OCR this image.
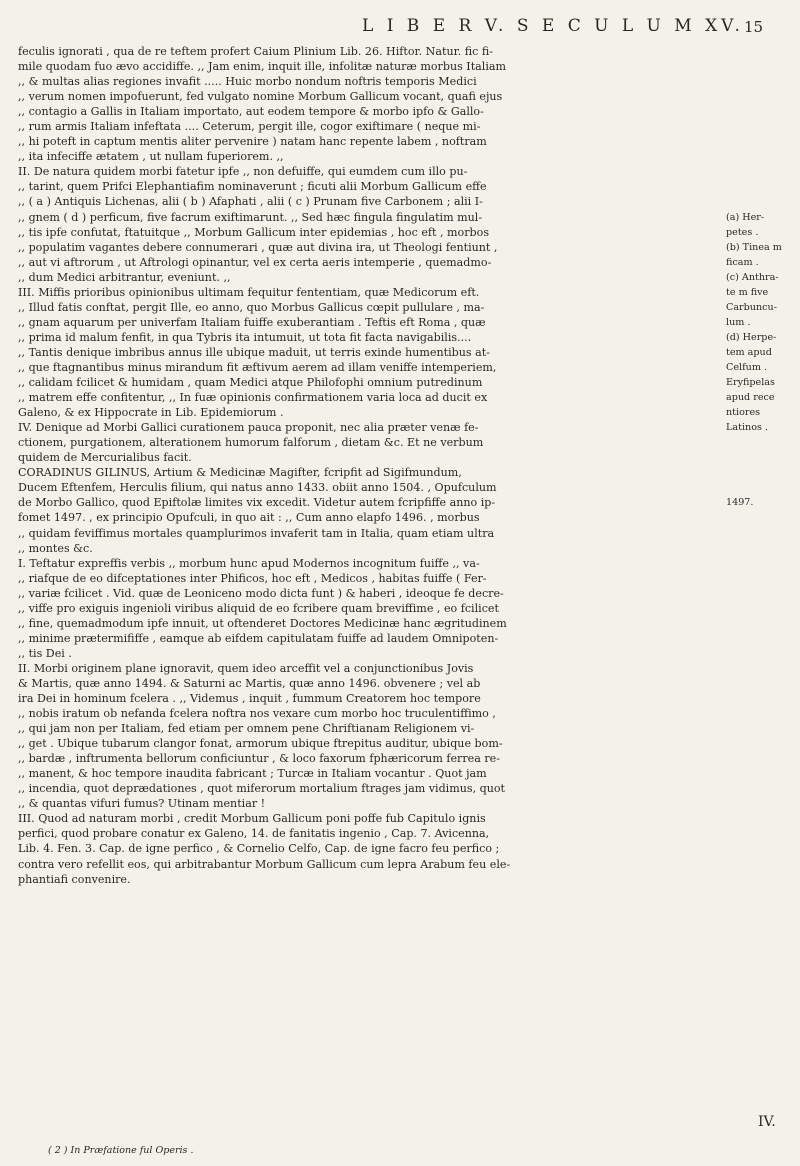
L I B E R V. S E C U L U M XV. 15
feculis ignorati , qua de re teftem profert Caium Plinium Lib. 26. Hiftor. Natur. fic fi-
mile quodam fuo ævo accidiffe. ,, Jam enim, inquit ille, infolitæ naturæ morbus Italiam
,, & multas alias regiones invafit ..... Huic morbo nondum noftris temporis Medici
,, verum nomen impofuerunt, fed vulgato nomine Morbum Gallicum vocant, quafi ejus
,, contagio a Gallis in Italiam importato, aut eodem tempore & morbo ipfo & Gallo-
,, rum armis Italiam infeftata .... Ceterum, pergit ille, cogor exiftimare ( neque mi-
,, hi poteft in captum mentis aliter pervenire ) natam hanc repente labem , noftram
,, ita infeciffe ætatem , ut nullam fuperiorem. ,,
II. De natura quidem morbi fatetur ipfe ,, non defuiffe, qui eumdem cum illo pu-
,, tarint, quem Prifci Elephantiafim nominaverunt ; ficuti alii Morbum Gallicum effe
,, ( a ) Antiquis Lichenas, alii ( b ) Afaphati , alii ( c ) Prunam five Carbonem ; alii I-
,, gnem ( d ) perficum, five facrum exiftimarunt. ,, Sed hæc fingula fingulatim mul-
,, tis ipfe confutat, ftatuitque ,, Morbum Gallicum inter epidemias , hoc eft , morbos
,, populatim vagantes debere connumerari , quæ aut divina ira, ut Theologi fentiunt ,
,, aut vi aftrorum , ut Aftrologi opinantur, vel ex certa aeris intemperie , quemadmo-
,, dum Medici arbitrantur, eveniunt. ,,
III. Miffis prioribus opinionibus ultimam fequitur fententiam, quæ Medicorum eft.
,, Illud fatis conftat, pergit Ille, eo anno, quo Morbus Gallicus cœpit pullulare , ma-
,, gnam aquarum per univerfam Italiam fuiffe exuberantiam . Teftis eft Roma , quæ
,, prima id malum fenfit, in qua Tybris ita intumuit, ut tota fit facta navigabilis....
,, Tantis denique imbribus annus ille ubique maduit, ut terris exinde humentibus at-
,, que ftagnantibus minus mirandum fit æftivum aerem ad illam veniffe intemperiem,
,, calidam fcilicet & humidam , quam Medici atque Philofophi omnium putredinum
,, matrem effe confitentur, ,, In fuæ opinionis confirmationem varia loca ad ducit ex
Galeno, & ex Hippocrate in Lib. Epidemiorum .
IV. Denique ad Morbi Gallici curationem pauca proponit, nec alia præter venæ fe-
ctionem, purgationem, alterationem humorum falforum , dietam &c. Et ne verbum
quidem de Mercurialibus facit.
CORADINUS GILINUS, Artium & Medicinæ Magifter, fcripfit ad Sigifmundum,
Ducem Eftenfem, Herculis filium, qui natus anno 1433. obiit anno 1504. , Opufculum
de Morbo Gallico, quod Epiftolæ limites vix excedit. Videtur autem fcripfiffe anno ip-
fomet 1497. , ex principio Opufculi, in quo ait : ,, Cum anno elapfo 1496. , morbus
,, quidam feviffimus mortales quamplurimos invaferit tam in Italia, quam etiam ultra
,, montes &c.
I. Teftatur expreffis verbis ,, morbum hunc apud Modernos incognitum fuiffe ,, va-
,, riafque de eo difceptationes inter Phificos, hoc eft , Medicos , habitas fuiffe ( Fer-
,, variæ fcilicet . Vid. quæ de Leoniceno modo dicta funt ) & haberi , ideoque fe decre-
,, viffe pro exiguis ingenioli viribus aliquid de eo fcribere quam breviffime , eo fcilicet
,, fine, quemadmodum ipfe innuit, ut oftenderet Doctores Medicinæ hanc ægritudinem
,, minime prætermififfe , eamque ab eifdem capitulatam fuiffe ad laudem Omnipoten-
,, tis Dei .
II. Morbi originem plane ignoravit, quem ideo arceffit vel a conjunctionibus Jovis
& Martis, quæ anno 1494. & Saturni ac Martis, quæ anno 1496. obvenere ; vel ab
ira Dei in hominum fcelera . ,, Videmus , inquit , fummum Creatorem hoc tempore
,, nobis iratum ob nefanda fcelera noftra nos vexare cum morbo hoc truculentiffimo ,
,, qui jam non per Italiam, fed etiam per omnem pene Chriftianam Religionem vi-
,, get . Ubique tubarum clangor fonat, armorum ubique ftrepitus auditur, ubique bom-
,, bardæ , inftrumenta bellorum conficiuntur , & loco faxorum fphæricorum ferrea re-
,, manent, & hoc tempore inaudita fabricant ; Turcæ in Italiam vocantur . Quot jam
,, incendia, quot deprædationes , quot miferorum mortalium ftrages jam vidimus, quot
,, & quantas vifuri fumus? Utinam mentiar !
III. Quod ad naturam morbi , credit Morbum Gallicum poni poffe fub Capitulo ignis
perfici, quod probare conatur ex Galeno, 14. de fanitatis ingenio , Cap. 7. Avicenna,
Lib. 4. Fen. 3. Cap. de igne perfico , & Cornelio Celfo, Cap. de igne facro feu perfico ;
contra vero refellit eos, qui arbitrabantur Morbum Gallicum cum lepra Arabum feu ele-
phantiafi convenire.
(a) Her-
petes .
(b) Tinea m
ficam .
(c) Anthra-
te m five
Carbuncu-
lum .
(d) Herpe-
tem apud
Celfum .
Eryfipelas
apud rece
ntiores
Latinos .
1497.
IV.
( 2 ) In Præfatione ful Operis .
